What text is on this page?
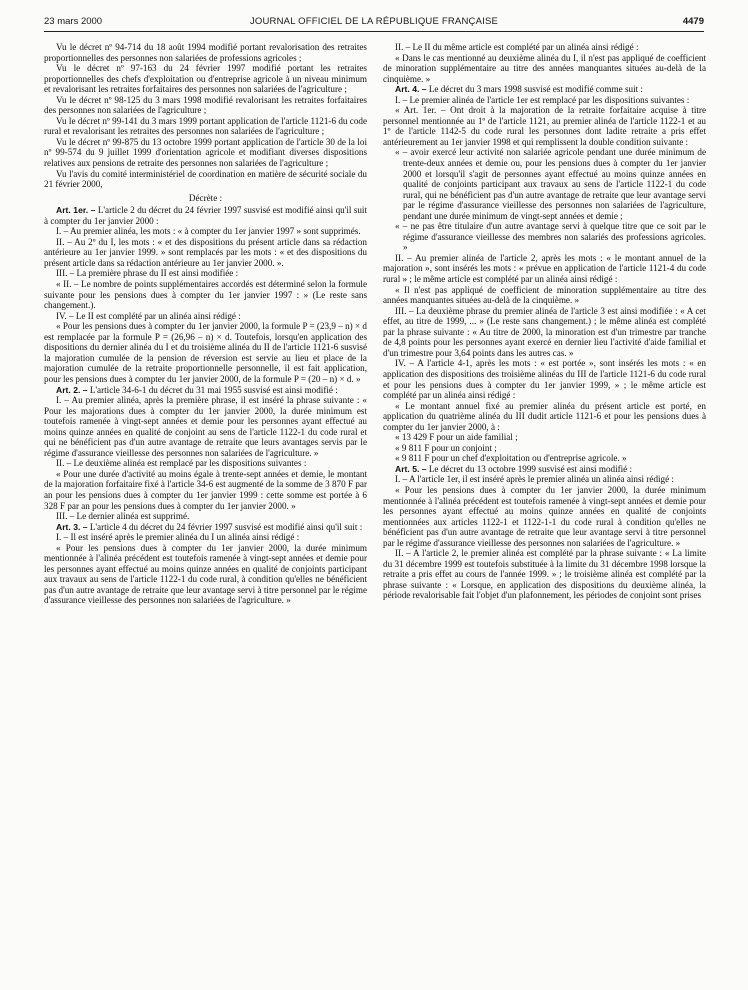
23 mars 2000	JOURNAL OFFICIEL DE LA RÉPUBLIQUE FRANÇAISE	4479

Vu le décret nº 94-714 du 18 août 1994 modifié portant revalorisation des retraites proportionnelles des personnes non salariées de professions agricoles ;

Vu le décret nº 97-163 du 24 février 1997 modifié portant les retraites proportionnelles des chefs d'exploitation ou d'entreprise agricole à un niveau minimum et revalorisant les retraites forfaitaires des personnes non salariées de l'agriculture ;

Vu le décret nº 98-125 du 3 mars 1998 modifié revalorisant les retraites forfaitaires des personnes non salariées de l'agriculture ;

Vu le décret nº 99-141 du 3 mars 1999 portant application de l'article 1121-6 du code rural et revalorisant les retraites des personnes non salariées de l'agriculture ;

Vu le décret nº 99-875 du 13 octobre 1999 portant application de l'article 30 de la loi nº 99-574 du 9 juillet 1999 d'orientation agricole et modifiant diverses dispositions relatives aux pensions de retraite des personnes non salariées de l'agriculture ;

Vu l'avis du comité interministériel de coordination en matière de sécurité sociale du 21 février 2000,

Décrète :

Art. 1er. – L'article 2 du décret du 24 février 1997 susvisé est modifié ainsi qu'il suit à compter du 1er janvier 2000 :

I. – Au premier alinéa, les mots : « à compter du 1er janvier 1997 » sont supprimés.

II. – Au 2º du I, les mots : « et des dispositions du présent article dans sa rédaction antérieure au 1er janvier 1999. » sont remplacés par les mots : « et des dispositions du présent article dans sa rédaction antérieure au 1er janvier 2000. ».

III. – La première phrase du II est ainsi modifiée :

« II. – Le nombre de points supplémentaires accordés est déterminé selon la formule suivante pour les pensions dues à compter du 1er janvier 1997 : » (Le reste sans changement.).

IV. – Le II est complété par un alinéa ainsi rédigé :

« Pour les pensions dues à compter du 1er janvier 2000, la formule P = (23,9 – n) × d est remplacée par la formule P = (26,96 – n) × d. Toutefois, lorsqu'en application des dispositions du dernier alinéa du I et du troisième alinéa du II de l'article 1121-6 susvisé la majoration cumulée de la pension de réversion est servie au lieu et place de la majoration cumulée de la retraite proportionnelle personnelle, il est fait application, pour les pensions dues à compter du 1er janvier 2000, de la formule P = (20 – n) × d. »

Art. 2. – L'article 34-6-1 du décret du 31 mai 1955 susvisé est ainsi modifié :

I. – Au premier alinéa, après la première phrase, il est inséré la phrase suivante : « Pour les majorations dues à compter du 1er janvier 2000, la durée minimum est toutefois ramenée à vingt-sept années et demie pour les personnes ayant effectué au moins quinze années en qualité de conjoint au sens de l'article 1122-1 du code rural et qui ne bénéficient pas d'un autre avantage de retraite que leurs avantages servis par le régime d'assurance vieillesse des personnes non salariées de l'agriculture. »

II. – Le deuxième alinéa est remplacé par les dispositions suivantes :

« Pour une durée d'activité au moins égale à trente-sept années et demie, le montant de la majoration forfaitaire fixé à l'article 34-6 est augmenté de la somme de 3 870 F par an pour les pensions dues à compter du 1er janvier 1999 : cette somme est portée à 6 328 F par an pour les pensions dues à compter du 1er janvier 2000. »

III. – Le dernier alinéa est supprimé.

Art. 3. – L'article 4 du décret du 24 février 1997 susvisé est modifié ainsi qu'il suit :

I. – Il est inséré après le premier alinéa du I un alinéa ainsi rédigé :

« Pour les pensions dues à compter du 1er janvier 2000, la durée minimum mentionnée à l'alinéa précédent est toutefois ramenée à vingt-sept années et demie pour les personnes ayant effectué au moins quinze années en qualité de conjoints participant aux travaux au sens de l'article 1122-1 du code rural, à condition qu'elles ne bénéficient pas d'un autre avantage de retraite que leur avantage servi à titre personnel par le régime d'assurance vieillesse des personnes non salariées de l'agriculture. »

II. – Le II du même article est complété par un alinéa ainsi rédigé :

« Dans le cas mentionné au deuxième alinéa du I, il n'est pas appliqué de coefficient de minoration supplémentaire au titre des années manquantes situées au-delà de la cinquième. »

Art. 4. – Le décret du 3 mars 1998 susvisé est modifié comme suit :

I. – Le premier alinéa de l'article 1er est remplacé par les dispositions suivantes :

« Art. 1er. – Ont droit à la majoration de la retraite forfaitaire acquise à titre personnel mentionnée au 1º de l'article 1121, au premier alinéa de l'article 1122-1 et au 1º de l'article 1142-5 du code rural les personnes dont ladite retraite a pris effet antérieurement au 1er janvier 1998 et qui remplissent la double condition suivante :

« – avoir exercé leur activité non salariée agricole pendant une durée minimum de trente-deux années et demie ou, pour les pensions dues à compter du 1er janvier 2000 et lorsqu'il s'agit de personnes ayant effectué au moins quinze années en qualité de conjoints participant aux travaux au sens de l'article 1122-1 du code rural, qui ne bénéficient pas d'un autre avantage de retraite que leur avantage servi par le régime d'assurance vieillesse des personnes non salariées de l'agriculture, pendant une durée minimum de vingt-sept années et demie ;

« – ne pas être titulaire d'un autre avantage servi à quelque titre que ce soit par le régime d'assurance vieillesse des membres non salariés des professions agricoles. »

II. – Au premier alinéa de l'article 2, après les mots : « le montant annuel de la majoration », sont insérés les mots : « prévue en application de l'article 1121-4 du code rural » ; le même article est complété par un alinéa ainsi rédigé :

« Il n'est pas appliqué de coefficient de minoration supplémentaire au titre des années manquantes situées au-delà de la cinquième. »

III. – La deuxième phrase du premier alinéa de l'article 3 est ainsi modifiée : « A cet effet, au titre de 1999, ... » (Le reste sans changement.) ; le même alinéa est complété par la phrase suivante : « Au titre de 2000, la minoration est d'un trimestre par tranche de 4,8 points pour les personnes ayant exercé en dernier lieu l'activité d'aide familial et d'un trimestre pour 3,64 points dans les autres cas. »

IV. – A l'article 4-1, après les mots : « est portée », sont insérés les mots : « en application des dispositions des troisième alinéas du III de l'article 1121-6 du code rural et pour les pensions dues à compter du 1er janvier 1999, » ; le même article est complété par un alinéa ainsi rédigé :

« Le montant annuel fixé au premier alinéa du présent article est porté, en application du quatrième alinéa du III dudit article 1121-6 et pour les pensions dues à compter du 1er janvier 2000, à :

« 13 429 F pour un aide familial ;

« 9 811 F pour un conjoint ;

« 9 811 F pour un chef d'exploitation ou d'entreprise agricole. »

Art. 5. – Le décret du 13 octobre 1999 susvisé est ainsi modifié :

I. – A l'article 1er, il est inséré après le premier alinéa un alinéa ainsi rédigé :

« Pour les pensions dues à compter du 1er janvier 2000, la durée minimum mentionnée à l'alinéa précédent est toutefois ramenée à vingt-sept années et demie pour les personnes ayant effectué au moins quinze années en qualité de conjoints mentionnées aux articles 1122-1 et 1122-1-1 du code rural à condition qu'elles ne bénéficient pas d'un autre avantage de retraite que leur avantage servi à titre personnel par le régime d'assurance vieillesse des personnes non salariées de l'agriculture. »

II. – A l'article 2, le premier alinéa est complété par la phrase suivante : « La limite du 31 décembre 1999 est toutefois substituée à la limite du 31 décembre 1998 lorsque la retraite a pris effet au cours de l'année 1999. » ; le troisième alinéa est complété par la phrase suivante : « Lorsque, en application des dispositions du deuxième alinéa, la période revalorisable fait l'objet d'un plafonnement, les périodes de conjoint sont prises
